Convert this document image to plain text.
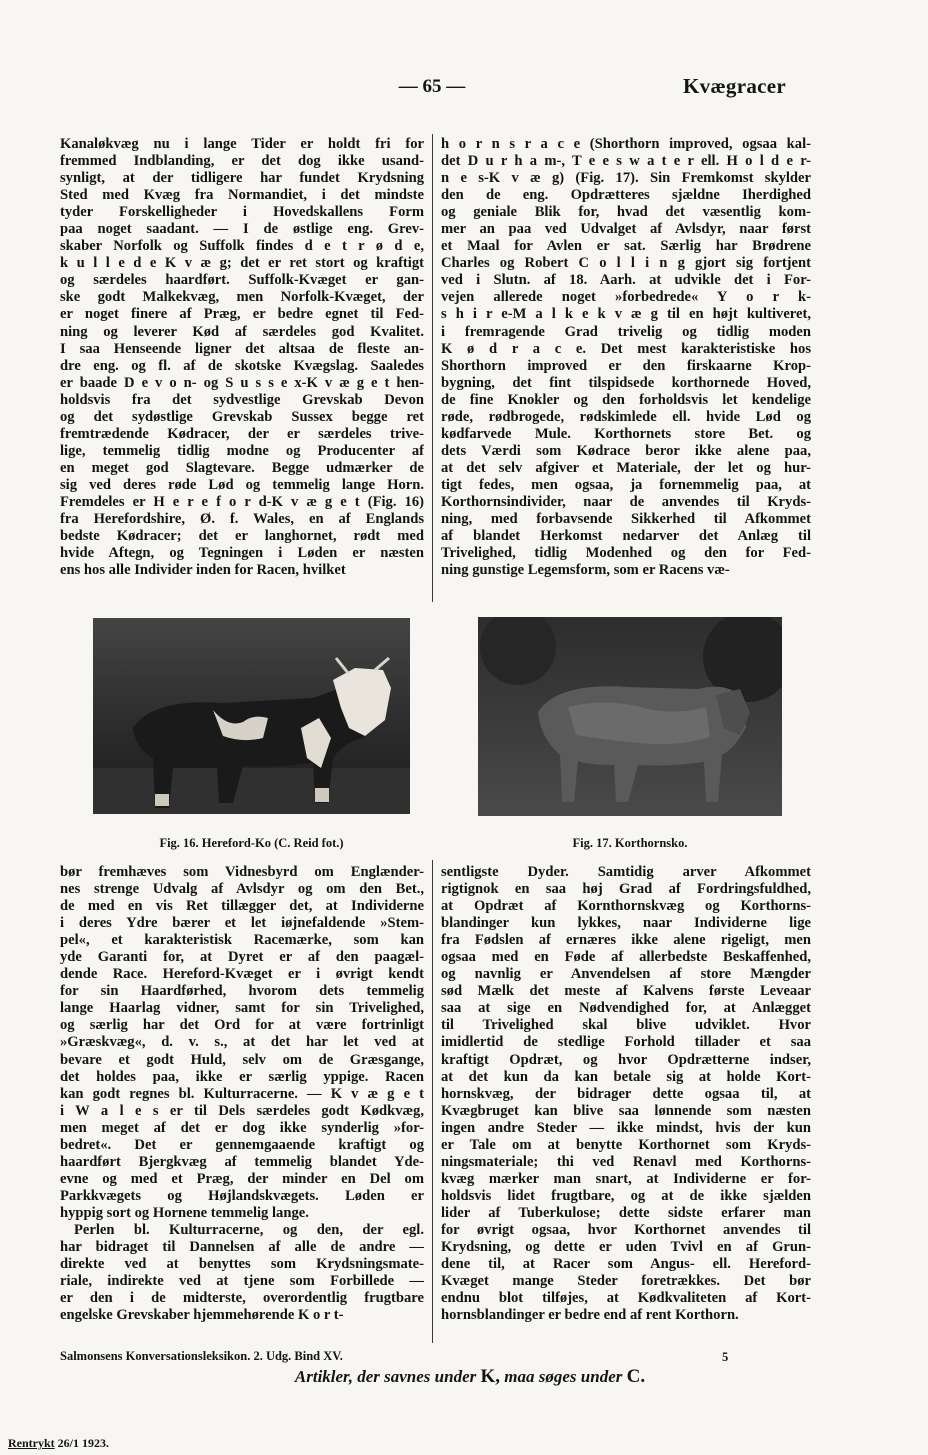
— 65 —	Kvægracer
Kanaløkvæg nu i lange Tider er holdt fri for
fremmed Indblanding, er det dog ikke usand-
synligt, at der tidligere har fundet Krydsning
Sted med Kvæg fra Normandiet, i det mindste
tyder Forskelligheder i Hovedskallens Form
paa noget saadant. — I de østlige eng. Grev-
skaber Norfolk og Suffolk findes d e t r ø d e,
k u l l e d e K v æ g; det er ret stort og kraftigt
og særdeles haardført. Suffolk-Kvæget er gan-
ske godt Malkekvæg, men Norfolk-Kvæget, der
er noget finere af Præg, er bedre egnet til Fed-
ning og leverer Kød af særdeles god Kvalitet.
I saa Henseende ligner det altsaa de fleste an-
dre eng. og fl. af de skotske Kvægslag. Saaledes
er baade D e v o n- og S u s s e x-K v æ g e t hen-
holdsvis fra det sydvestlige Grevskab Devon
og det sydøstlige Grevskab Sussex begge ret
fremtrædende Kødracer, der er særdeles trive-
lige, temmelig tidlig modne og Producenter af
en meget god Slagtevare. Begge udmærker de
sig ved deres røde Lød og temmelig lange Horn.
Fremdeles er H e r e f o r d-K v æ g e t (Fig. 16)
fra Herefordshire, Ø. f. Wales, en af Englands
bedste Kødracer; det er langhornet, rødt med
hvide Aftegn, og Tegningen i Løden er næsten
ens hos alle Individer inden for Racen, hvilket
h o r n s r a c e (Shorthorn improved, ogsaa kal-
det D u r h a m-, T e e s w a t e r ell. H o l d e r-
n e s-K v æ g) (Fig. 17). Sin Fremkomst skylder
den de eng. Opdrætteres sjældne Iherdighed
og geniale Blik for, hvad det væsentlig kom-
mer an paa ved Udvalget af Avlsdyr, naar først
et Maal for Avlen er sat. Særlig har Brødrene
Charles og Robert C o l l i n g gjort sig fortjent
ved i Slutn. af 18. Aarh. at udvikle det i For-
vejen allerede noget »forbedrede« Y o r k-
s h i r e-M a l k e k v æ g til en højt kultiveret,
i fremragende Grad trivelig og tidlig moden
K ø d r a c e. Det mest karakteristiske hos
Shorthorn improved er den firskaarne Krop-
bygning, det fint tilspidsede korthornede Hoved,
de fine Knokler og den forholdsvis let kendelige
røde, rødbrogede, rødskimlede ell. hvide Lød og
kødfarvede Mule. Korthornets store Bet. og
dets Værdi som Kødrace beror ikke alene paa,
at det selv afgiver et Materiale, der let og hur-
tigt fedes, men ogsaa, ja fornemmelig paa, at
Korthornsindivider, naar de anvendes til Kryds-
ning, med forbavsende Sikkerhed til Afkommet
af blandet Herkomst nedarver det Anlæg til
Trivelighed, tidlig Modenhed og den for Fed-
ning gunstige Legemsform, som er Racens væ-
Fig. 16. Hereford-Ko (C. Reid fot.)	Fig. 17. Korthornsko.
bør fremhæves som Vidnesbyrd om Englænder-
nes strenge Udvalg af Avlsdyr og om den Bet.,
de med en vis Ret tillægger det, at Individerne
i deres Ydre bærer et let iøjnefaldende »Stem-
pel«, et karakteristisk Racemærke, som kan
yde Garanti for, at Dyret er af den paagæl-
dende Race. Hereford-Kvæget er i øvrigt kendt
for sin Haardførhed, hvorom dets temmelig
lange Haarlag vidner, samt for sin Trivelighed,
og særlig har det Ord for at være fortrinligt
»Græskvæg«, d. v. s., at det har let ved at
bevare et godt Huld, selv om de Græsgange,
det holdes paa, ikke er særlig yppige. Racen
kan godt regnes bl. Kulturracerne. — K v æ g e t
i W a l e s er til Dels særdeles godt Kødkvæg,
men meget af det er dog ikke synderlig »for-
bedret«. Det er gennemgaaende kraftigt og
haardført Bjergkvæg af temmelig blandet Yde-
evne og med et Præg, der minder en Del om
Parkkvægets og Højlandskvægets. Løden er
hyppig sort og Hornene temmelig lange.
Perlen bl. Kulturracerne, og den, der egl.
har bidraget til Dannelsen af alle de andre —
direkte ved at benyttes som Krydsningsmate-
riale, indirekte ved at tjene som Forbillede —
er den i de midterste, overordentlig frugtbare
engelske Grevskaber hjemmehørende K o r t-
sentligste Dyder. Samtidig arver Afkommet
rigtignok en saa høj Grad af Fordringsfuldhed,
at Opdræt af Kornthornskvæg og Korthorns-
blandinger kun lykkes, naar Individerne lige
fra Fødslen af ernæres ikke alene rigeligt, men
ogsaa med en Føde af allerbedste Beskaffenhed,
og navnlig er Anvendelsen af store Mængder
sød Mælk det meste af Kalvens første Leveaar
saa at sige en Nødvendighed for, at Anlægget
til Trivelighed skal blive udviklet. Hvor
imidlertid de stedlige Forhold tillader et saa
kraftigt Opdræt, og hvor Opdrætterne indser,
at det kun da kan betale sig at holde Kort-
hornskvæg, der bidrager dette ogsaa til, at
Kvægbruget kan blive saa lønnende som næsten
ingen andre Steder — ikke mindst, hvis der kun
er Tale om at benytte Korthornet som Kryds-
ningsmateriale; thi ved Renavl med Korthorns-
kvæg mærker man snart, at Individerne er for-
holdsvis lidet frugtbare, og at de ikke sjælden
lider af Tuberkulose; dette sidste erfarer man
for øvrigt ogsaa, hvor Korthornet anvendes til
Krydsning, og dette er uden Tvivl en af Grun-
dene til, at Racer som Angus- ell. Hereford-
Kvæget mange Steder foretrækkes. Det bør
endnu blot tilføjes, at Kødkvaliteten af Kort-
hornsblandinger er bedre end af rent Korthorn.
Salmonsens Konversationsleksikon. 2. Udg. Bind XV.	5
Artikler, der savnes under K, maa søges under C.
Rentrykt 26/1 1923.
